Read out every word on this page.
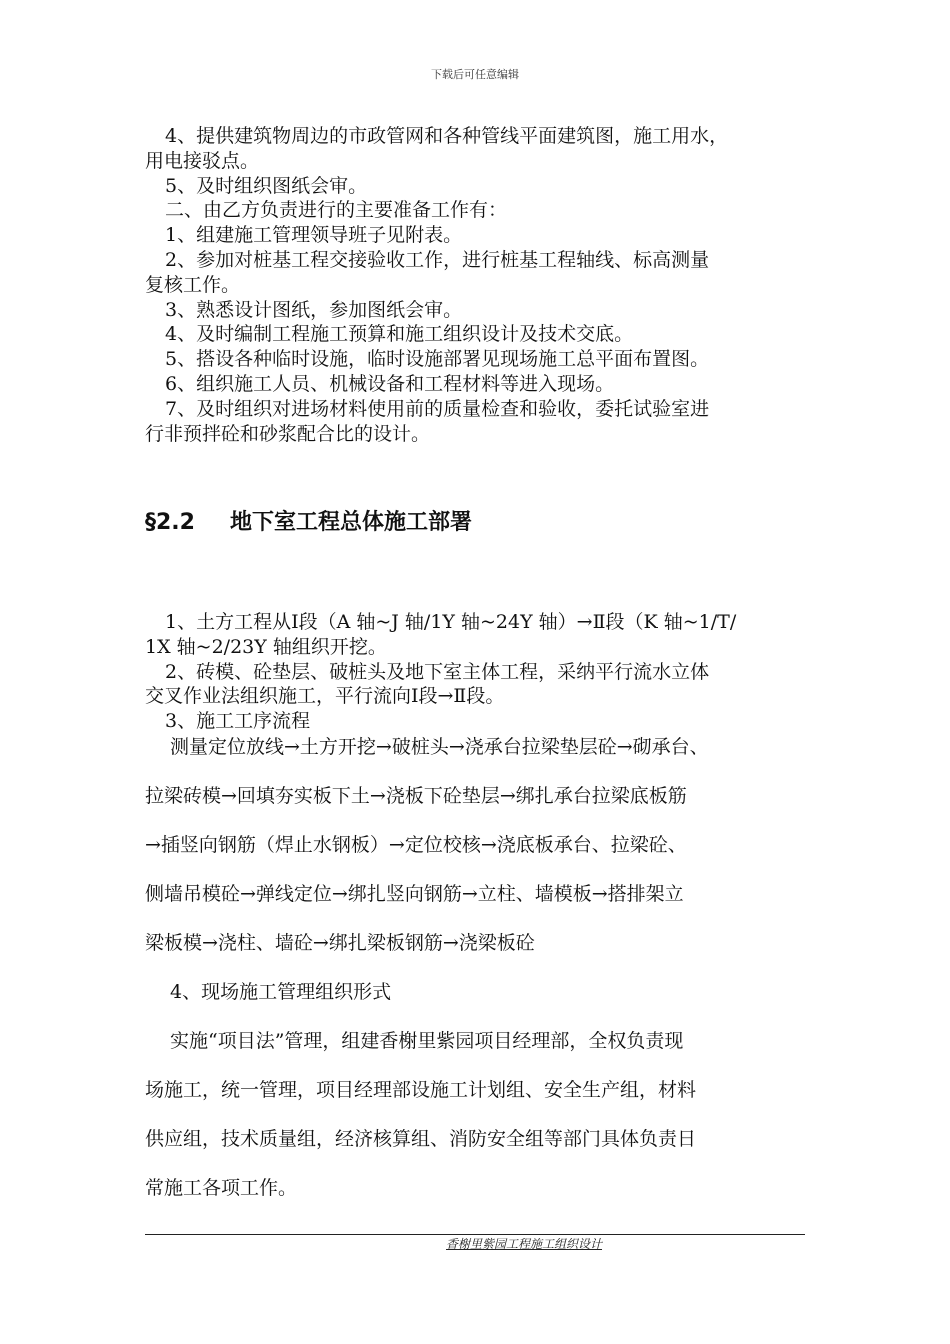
下载后可任意编辑
4、提供建筑物周边的市政管网和各种管线平面建筑图，施工用水，
用电接驳点。
5、及时组织图纸会审。
二、由乙方负责进行的主要准备工作有：
1、组建施工管理领导班子见附表。
2、参加对桩基工程交接验收工作，进行桩基工程轴线、标高测量
复核工作。
3、熟悉设计图纸，参加图纸会审。
4、及时编制工程施工预算和施工组织设计及技术交底。
5、搭设各种临时设施，临时设施部署见现场施工总平面布置图。
6、组织施工人员、机械设备和工程材料等进入现场。
7、及时组织对进场材料使用前的质量检查和验收，委托试验室进
行非预拌砼和砂浆配合比的设计。
§2.2 地下室工程总体施工部署
1、土方工程从Ⅰ段（A 轴~J 轴/1Y 轴~24Y 轴）→Ⅱ段（K 轴~1/T/
1X 轴~2/23Y 轴组织开挖。
2、砖模、砼垫层、破桩头及地下室主体工程，采纳平行流水立体
交叉作业法组织施工，平行流向Ⅰ段→Ⅱ段。
3、施工工序流程
测量定位放线→土方开挖→破桩头→浇承台拉梁垫层砼→砌承台、
拉梁砖模→回填夯实板下土→浇板下砼垫层→绑扎承台拉梁底板筋
→插竖向钢筋（焊止水钢板）→定位校核→浇底板承台、拉梁砼、
侧墙吊模砼→弹线定位→绑扎竖向钢筋→立柱、墙模板→搭排架立
梁板模→浇柱、墙砼→绑扎梁板钢筋→浇梁板砼
4、现场施工管理组织形式
实施“项目法”管理，组建香榭里紫园项目经理部，全权负责现
场施工，统一管理，项目经理部设施工计划组、安全生产组，材料
供应组，技术质量组，经济核算组、消防安全组等部门具体负责日
常施工各项工作。
香榭里紫园工程施工组织设计
